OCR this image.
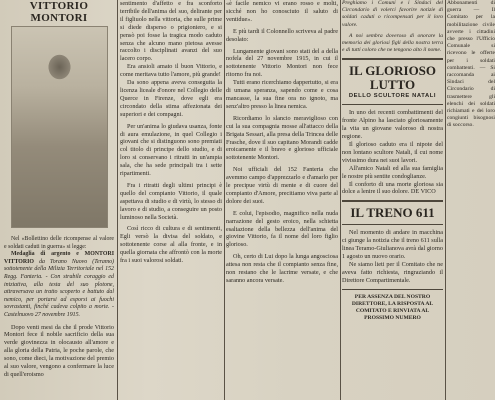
VITTORIO MONTORI

Nel «Bollettino delle ricompense al valore e soldati caduti in guerra» si legge:

Medaglia di argento e MONTORI VITTORIO da Torano Nuovo (Teramo) sottotenente della Milizia Territoriale nel 152 Regg. Fanteria. - Con strabile coraggio ed iniziativa, alla testa del suo plotone, attraversava un tratto scoperto e battuto dal nemico, per portarsi ad esporsi ai fuochi sovrastanti, finché cadeva colpito a morte. - Castelnuovo 27 novembre 1915.

Dopo venti mesi da che il prode Vittorio Montori fece il nobile sacrificio della sua verde giovinezza in olocausto all'amore e alla gloria della Patria, le poche parole, che sono, come dieci, la motivazione del premio al suo valore, vengono a confermare la luce di quell'eroismo

sentimento d'affetto e fra sconforto terribile dell'anima del suo, delirante per il figliuolo nella vittoria, che sulle prime si diede disperso o prigioniero, e si pensò poi fosse la tragica modo caduto senza che alcuno mano pietosa avesse raccolto i disciplinati avanzi del suo lacero corpo.

Era ansioli amato il buon Vittorio, e come meritava tutto l'amore, più grande!

Da sono appena aveva conseguita la licenza liceale d'onore nel Collegio delle Querce in Firenze, dove egli era circondato della stima affezionata dei superiori e dei compagni.

Per un'anima lo giudava usanza, fonte di aura emulazione, in quel Collegio i giovani che si distinguono sono premiati col titolo di principe dello studio, e di loro si conservano i ritratti in un'ampia sala, che ha sede principali tra i sette ripartimenti.

Fra i ritratti degli ultimi principi è quello del compianto Vittorio, il quale aspettava di studio e di virtù, lo stesso di lavoro e di studio, a conseguire un posto luminoso nella Società.

Così ricco di cultura e di sentimenti, Egli versò la divisa del soldato, e sottotenente corse al alla fronte, e in quella giornata che affrontò con la morte fra i suoi valorosi soldati.

«è facile nemico vi erano rosso e molti, sicché non ho conosciuto il saluto di ventidue».

E più tardi il Colonnello scriveva al padre desolato:

Lungamente giovani sono stati del a della nofela del 27 novembre 1915, in cui il sottotenente Vittorio Montori non fece ritorno fra noi.

Tutti erano ricerchiamo dappertutto, si era di umana speranza, sapendo come e cosa mancasse, la sua fine ora no ignoto, ma senz'altro presso la linea nemica.

Ricordiamo lo slancio meraviglioso con cui la sua compagnia mosse all'attacco della Brigata Sessari, alla presa della Trincea delle Frasche, dove il suo capitano Morandi cadde eroicamente e il bravo e glorioso ufficiale sottotenente Montori.

Noi ufficiali del 152 Fanteria che avemmo campo d'apprezzarlo e d'amarlo per le precipue virtù di mente e di cuore del compianto d'Amore, precitiamo viva parte al dolore dei suoi.

E colui, l'episodio, magnifico nella nuda narrazione del gesto eroico, nella schietta esaltazione della bellezza dell'anima del giovine Vittorio, fa il nome del loro figlio glorioso.

Oh, certo di Lui dopo la lunga angosciosa attesa non resta che il compianto senza fine, non restano che le lacrime versate, e che saranno ancora versate.

Preghiamo i Comuni e i Sindaci del Circondario di volerci favorire notizie di soldati caduti o ricompensati per il loro valore.

A noi sembra doveroso di onorare la memoria dei gloriosi figli della nostra terra e di tutti coloro che ne tengono alto il nome.

IL GLORIOSO LUTTO
DELLO SCULTORE NATALI

In uno dei recenti combattimenti del fronte Alpino ha lasciato gloriosamente la vita un giovane valoroso di nostra regione.

Il glorioso caduto era il nipote del non lontano scultore Natali, il cui nome vivissimo dura nei suoi lavori.

All'amico Natali ed alla sua famiglia le nostre più sentite condoglianze.

Il conforto di una morte gloriosa sia dolce a lenire il suo dolore. DE VICO

IL TRENO 611

Nel momento di andare in macchina ci giunge la notizia che il treno 611 sulla linea Teramo-Giulianova avrà dal giorno 1 agosto un nuovo orario.

Ne siamo lieti per il Comitato che ne aveva fatto richiesta, ringraziando il Direttore Compartimentale.

PER ASSENZA DEL NOSTRO DIRETTORE, LA RISPOSTA AL COMITATO E RINVIATA AL PROSSIMO NUMERO

Abbonamenti di guerra — Il Comitato per la mobilitazione civile avverte i cittadini che presso l'Ufficio Comunale si ricevono le offerte per i soldati combattenti. — Si raccomanda ai Sindaci del Circondario di trasmettere gli elenchi dei soldati richiamati e dei loro congiunti bisognosi di soccorso.
